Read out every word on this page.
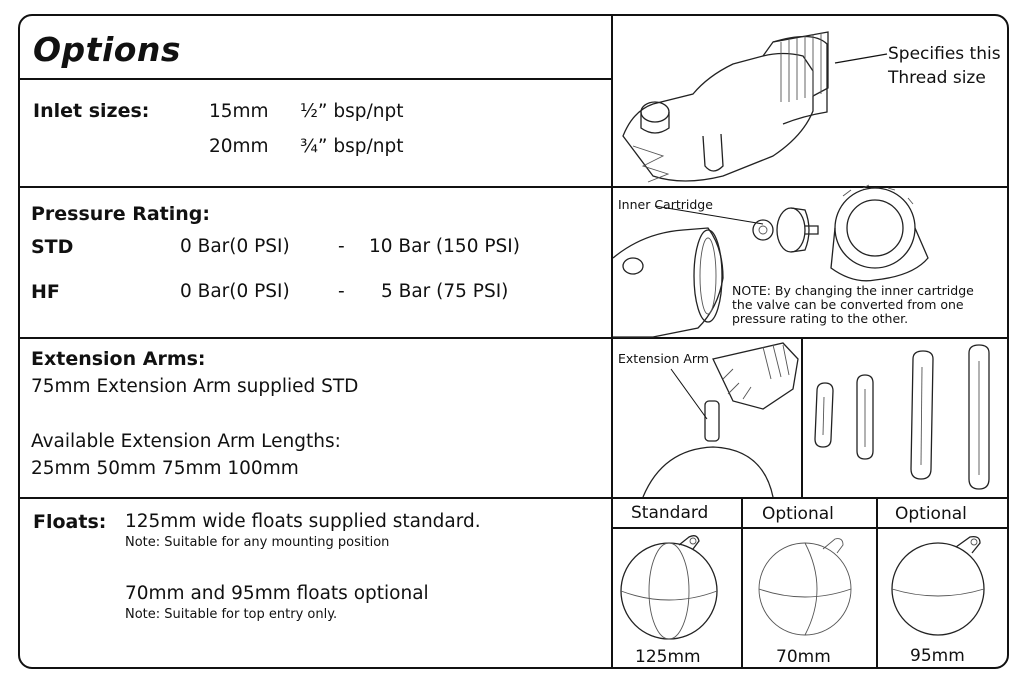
Options
Inlet sizes:	15mm ½” bsp/npt
20mm ¾” bsp/npt
Specifies this
Thread size
Pressure Rating:
STD	0 Bar(0 PSI)	- 10 Bar (150 PSI)
HF	0 Bar(0 PSI)	- 5 Bar (75 PSI)
Inner Cartridge
NOTE: By changing the inner cartridge
the valve can be converted from one
pressure rating to the other.
Extension Arms:
75mm Extension Arm supplied STD
Available Extension Arm Lengths:
25mm 50mm 75mm 100mm
Extension Arm
Floats: 125mm wide floats supplied standard.
Note: Suitable for any mounting position
70mm and 95mm floats optional
Note: Suitable for top entry only.
Standard	Optional	Optional
125mm	70mm	95mm
